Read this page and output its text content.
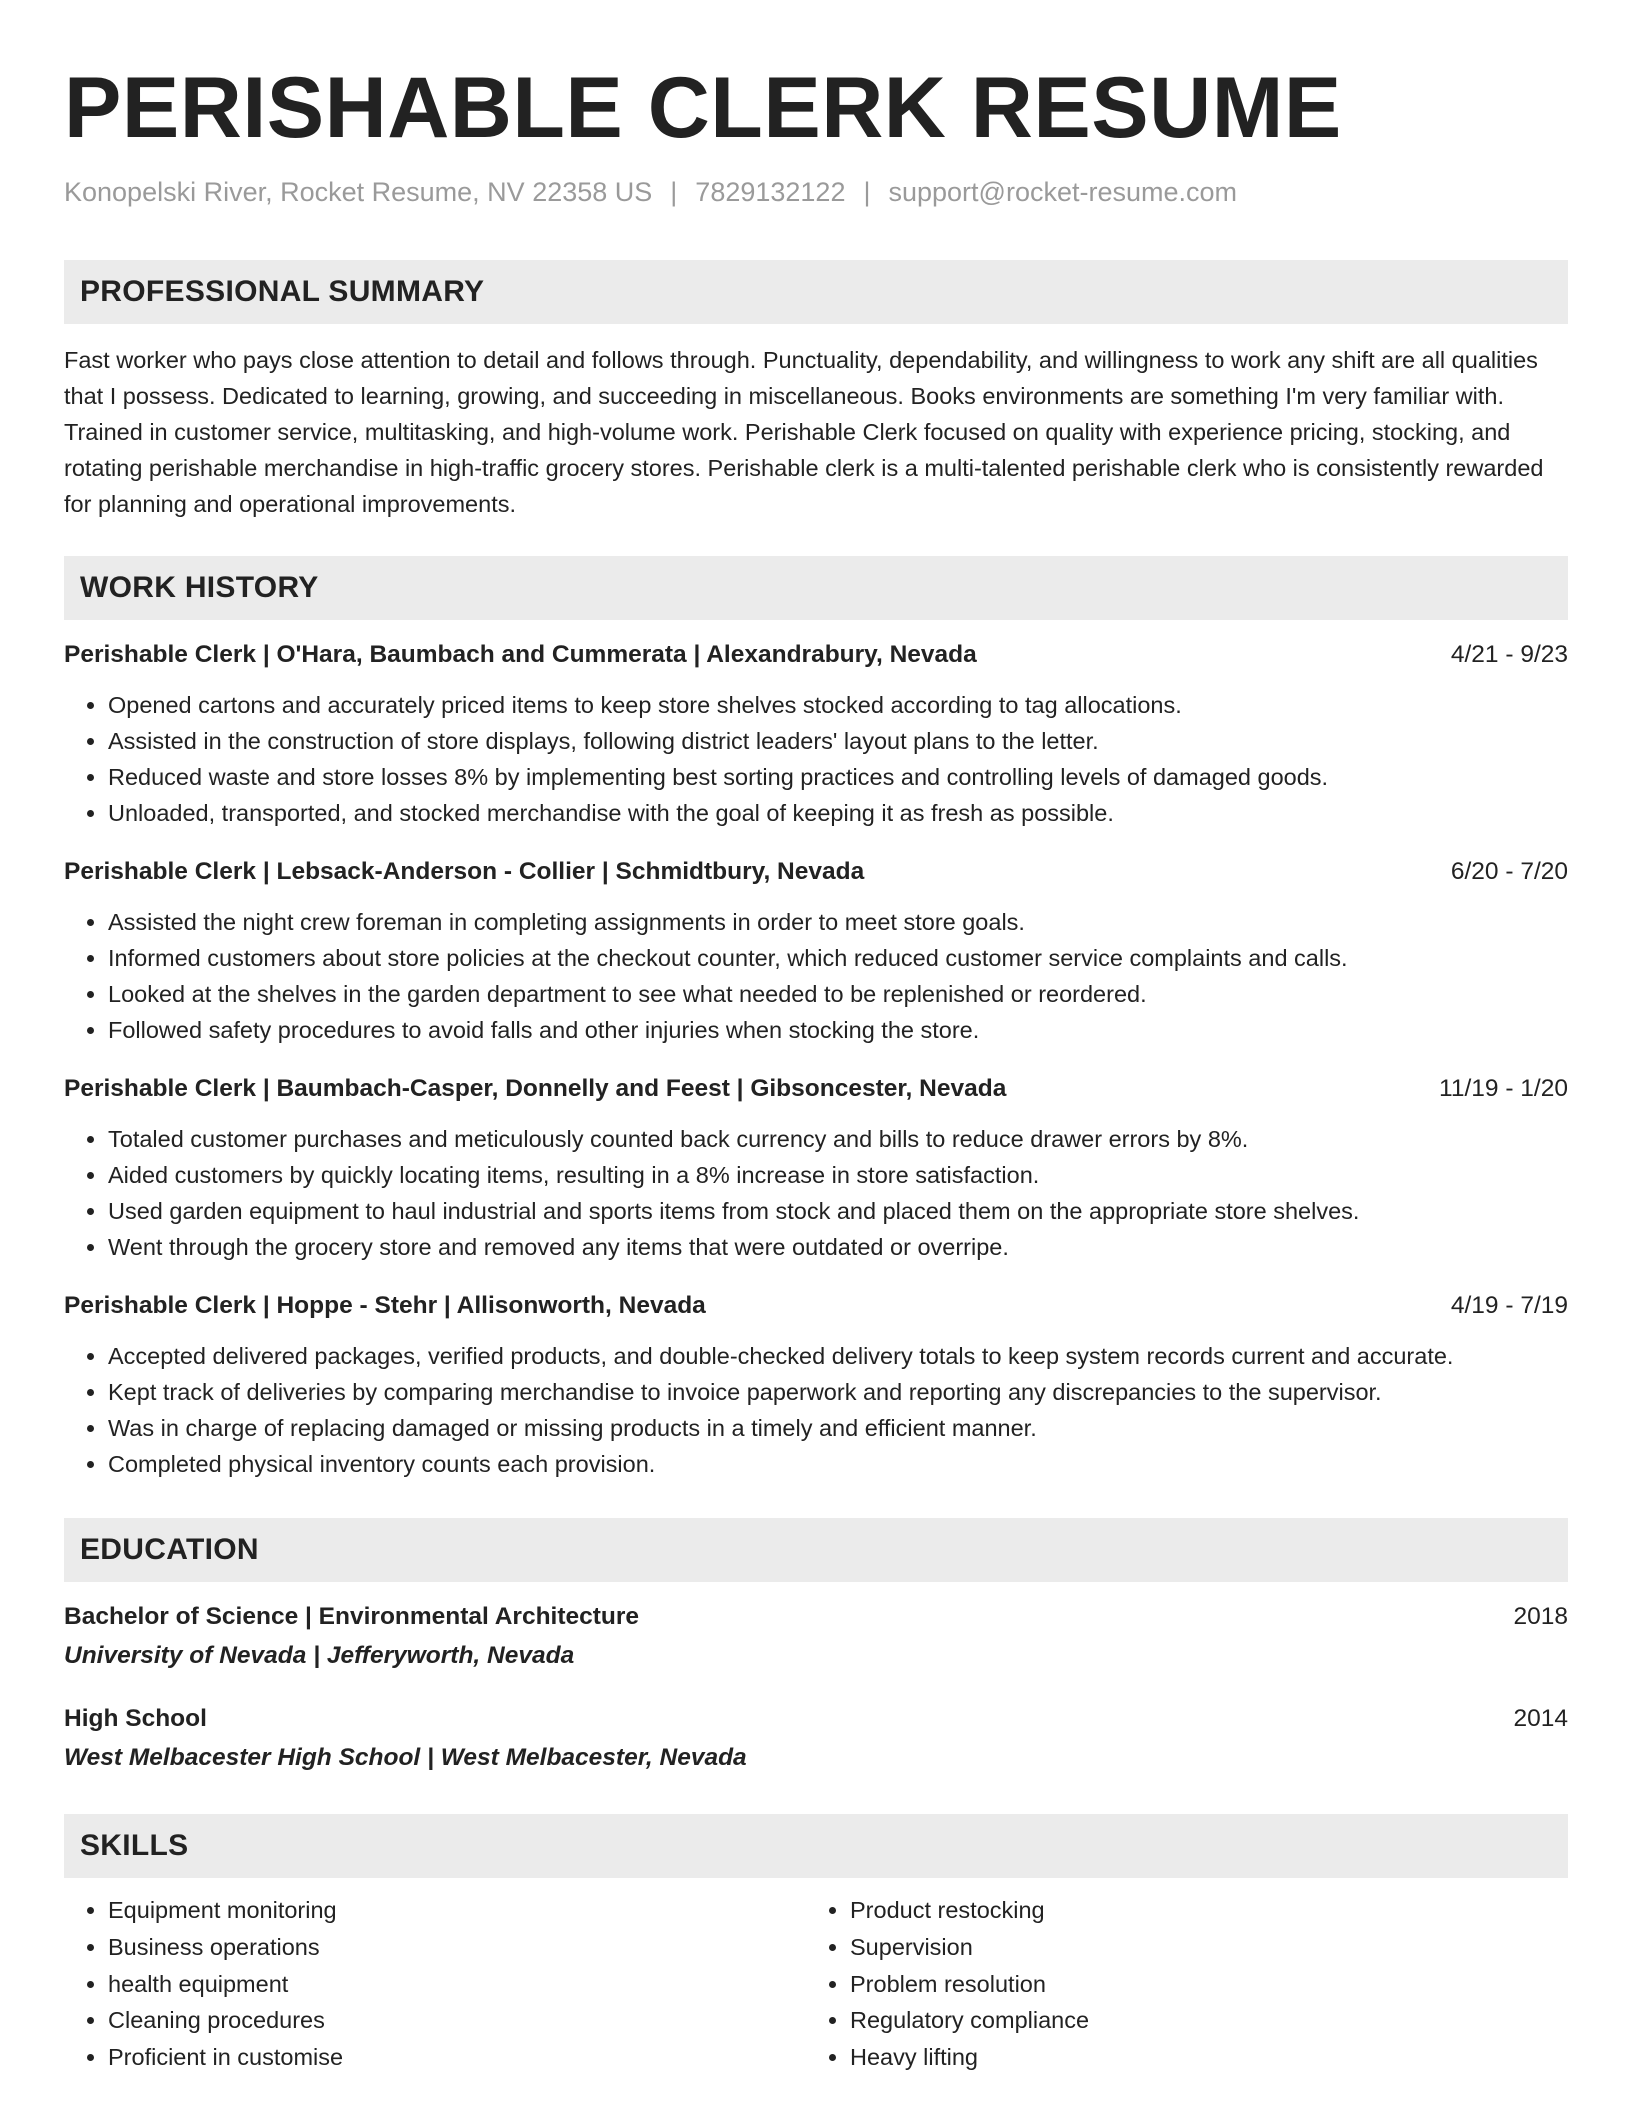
PERISHABLE CLERK RESUME
Konopelski River, Rocket Resume, NV 22358 US | 7829132122 | support@rocket-resume.com
PROFESSIONAL SUMMARY

Fast worker who pays close attention to detail and follows through. Punctuality, dependability, and willingness to work any shift are all qualities that I possess. Dedicated to learning, growing, and succeeding in miscellaneous. Books environments are something I'm very familiar with. Trained in customer service, multitasking, and high-volume work. Perishable Clerk focused on quality with experience pricing, stocking, and rotating perishable merchandise in high-traffic grocery stores. Perishable clerk is a multi-talented perishable clerk who is consistently rewarded for planning and operational improvements.

WORK HISTORY
Perishable Clerk | O'Hara, Baumbach and Cummerata | Alexandrabury, Nevada	4/21 - 9/23
• Opened cartons and accurately priced items to keep store shelves stocked according to tag allocations.
• Assisted in the construction of store displays, following district leaders' layout plans to the letter.
• Reduced waste and store losses 8% by implementing best sorting practices and controlling levels of damaged goods.
• Unloaded, transported, and stocked merchandise with the goal of keeping it as fresh as possible.
Perishable Clerk | Lebsack-Anderson - Collier | Schmidtbury, Nevada	6/20 - 7/20
• Assisted the night crew foreman in completing assignments in order to meet store goals.
• Informed customers about store policies at the checkout counter, which reduced customer service complaints and calls.
• Looked at the shelves in the garden department to see what needed to be replenished or reordered.
• Followed safety procedures to avoid falls and other injuries when stocking the store.
Perishable Clerk | Baumbach-Casper, Donnelly and Feest | Gibsoncester, Nevada	11/19 - 1/20
• Totaled customer purchases and meticulously counted back currency and bills to reduce drawer errors by 8%.
• Aided customers by quickly locating items, resulting in a 8% increase in store satisfaction.
• Used garden equipment to haul industrial and sports items from stock and placed them on the appropriate store shelves.
• Went through the grocery store and removed any items that were outdated or overripe.
Perishable Clerk | Hoppe - Stehr | Allisonworth, Nevada	4/19 - 7/19
• Accepted delivered packages, verified products, and double-checked delivery totals to keep system records current and accurate.
• Kept track of deliveries by comparing merchandise to invoice paperwork and reporting any discrepancies to the supervisor.
• Was in charge of replacing damaged or missing products in a timely and efficient manner.
• Completed physical inventory counts each provision.
EDUCATION
Bachelor of Science | Environmental Architecture	2018
University of Nevada | Jefferyworth, Nevada
High School	2014
West Melbacester High School | West Melbacester, Nevada
SKILLS
• Equipment monitoring
• Business operations
• health equipment
• Cleaning procedures
• Proficient in customise
• Product restocking
• Supervision
• Problem resolution
• Regulatory compliance
• Heavy lifting
